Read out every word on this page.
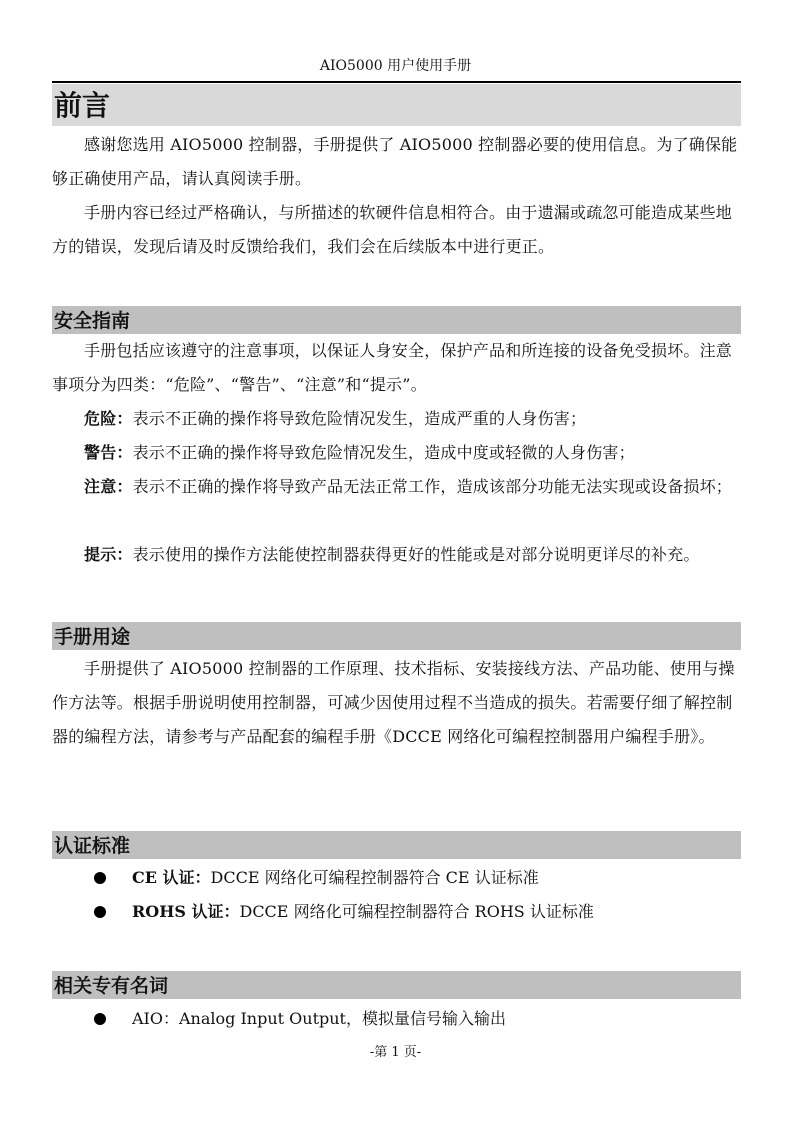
AIO5000 用户使用手册
前言
感谢您选用 AIO5000 控制器，手册提供了 AIO5000 控制器必要的使用信息。为了确保能够正确使用产品，请认真阅读手册。
手册内容已经过严格确认，与所描述的软硬件信息相符合。由于遗漏或疏忽可能造成某些地方的错误，发现后请及时反馈给我们，我们会在后续版本中进行更正。
安全指南
手册包括应该遵守的注意事项，以保证人身安全，保护产品和所连接的设备免受损坏。注意事项分为四类：“危险”、“警告”、“注意”和“提示”。
危险：表示不正确的操作将导致危险情况发生，造成严重的人身伤害；
警告：表示不正确的操作将导致危险情况发生，造成中度或轻微的人身伤害；
注意：表示不正确的操作将导致产品无法正常工作，造成该部分功能无法实现或设备损坏；
提示：表示使用的操作方法能使控制器获得更好的性能或是对部分说明更详尽的补充。
手册用途
手册提供了 AIO5000 控制器的工作原理、技术指标、安装接线方法、产品功能、使用与操作方法等。根据手册说明使用控制器，可减少因使用过程不当造成的损失。若需要仔细了解控制器的编程方法，请参考与产品配套的编程手册《DCCE 网络化可编程控制器用户编程手册》。
认证标准
CE 认证：DCCE 网络化可编程控制器符合 CE 认证标准
ROHS 认证：DCCE 网络化可编程控制器符合 ROHS 认证标准
相关专有名词
AIO：Analog Input Output，模拟量信号输入输出
-第 1 页-
